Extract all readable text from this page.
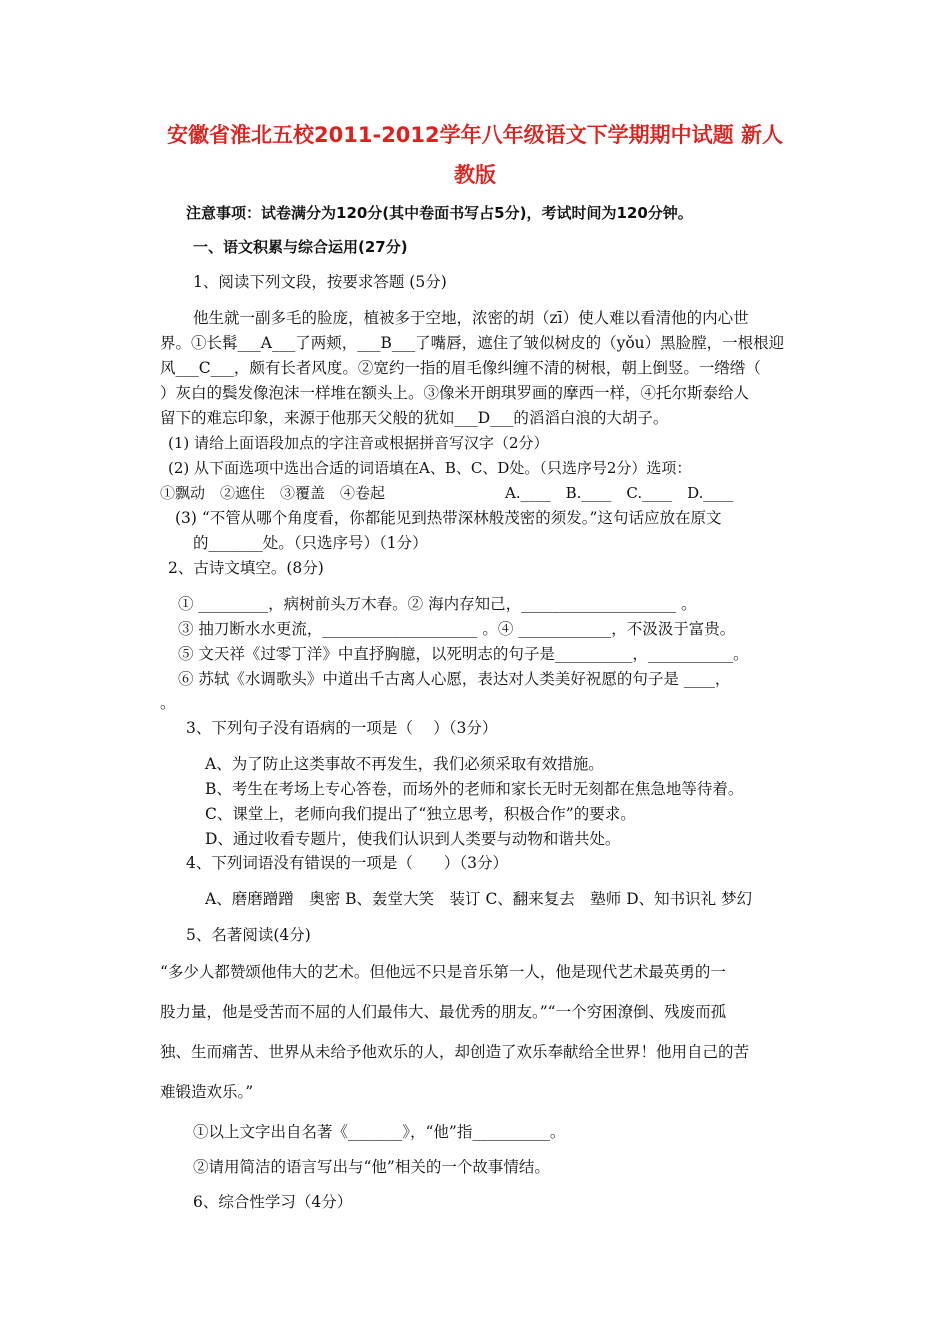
安徽省淮北五校2011-2012学年八年级语文下学期期中试题 新人
教版
注意事项：试卷满分为120分(其中卷面书写占5分)，考试时间为120分钟。
一、语文积累与综合运用(27分)
1、阅读下列文段，按要求答题 (5分)
他生就一副多毛的脸庞，植被多于空地，浓密的胡（zī）使人难以看清他的内心世
界。①长髯___A___了两颊，___B___了嘴唇，遮住了皱似树皮的（yǒu）黑脸膛，一根根迎
风___C___，颇有长者风度。②宽约一指的眉毛像纠缠不清的树根，朝上倒竖。一绺绺（
）灰白的鬓发像泡沫一样堆在额头上。③像米开朗琪罗画的摩西一样，④托尔斯泰给人
留下的难忘印象，来源于他那天父般的犹如___D___的滔滔白浪的大胡子。
(1) 请给上面语段加点的字注音或根据拼音写汉字（2分）
(2) 从下面选项中选出合适的词语填在A、B、C、D处。（只选序号2分）选项：
①飘动　②遮住　③覆盖　④卷起	A.____　B.____　C.____　D.____
(3) “不管从哪个角度看，你都能见到热带深林般茂密的须发。”这句话应放在原文
的_______处。（只选序号）（1分）
2、古诗文填空。(8分)
① _________，病树前头万木春。② 海内存知己，____________________ 。
③ 抽刀断水水更流，____________________ 。④ ____________，不汲汲于富贵。
⑤ 文天祥《过零丁洋》中直抒胸臆，以死明志的句子是__________，___________。
⑥ 苏轼《水调歌头》中道出千古离人心愿，表达对人类美好祝愿的句子是 ____，
。
3、下列句子没有语病的一项是（　 ）（3分）
A、为了防止这类事故不再发生，我们必须采取有效措施。
B、考生在考场上专心答卷，而场外的老师和家长无时无刻都在焦急地等待着。
C、课堂上，老师向我们提出了“独立思考，积极合作”的要求。
D、通过收看专题片，使我们认识到人类要与动物和谐共处。
4、下列词语没有错误的一项是（　　）（3分）
A、磨磨蹭蹭　奥密 B、轰堂大笑　装订 C、翻来复去　塾师 D、知书识礼 梦幻
5、名著阅读(4分)
“多少人都赞颂他伟大的艺术。但他远不只是音乐第一人，他是现代艺术最英勇的一
股力量，他是受苦而不屈的人们最伟大、最优秀的朋友。”“一个穷困潦倒、残废而孤
独、生而痛苦、世界从未给予他欢乐的人，却创造了欢乐奉献给全世界！他用自己的苦
难锻造欢乐。”
①以上文字出自名著《_______》，“他”指__________。
②请用简洁的语言写出与“他”相关的一个故事情结。
6、综合性学习（4分）
